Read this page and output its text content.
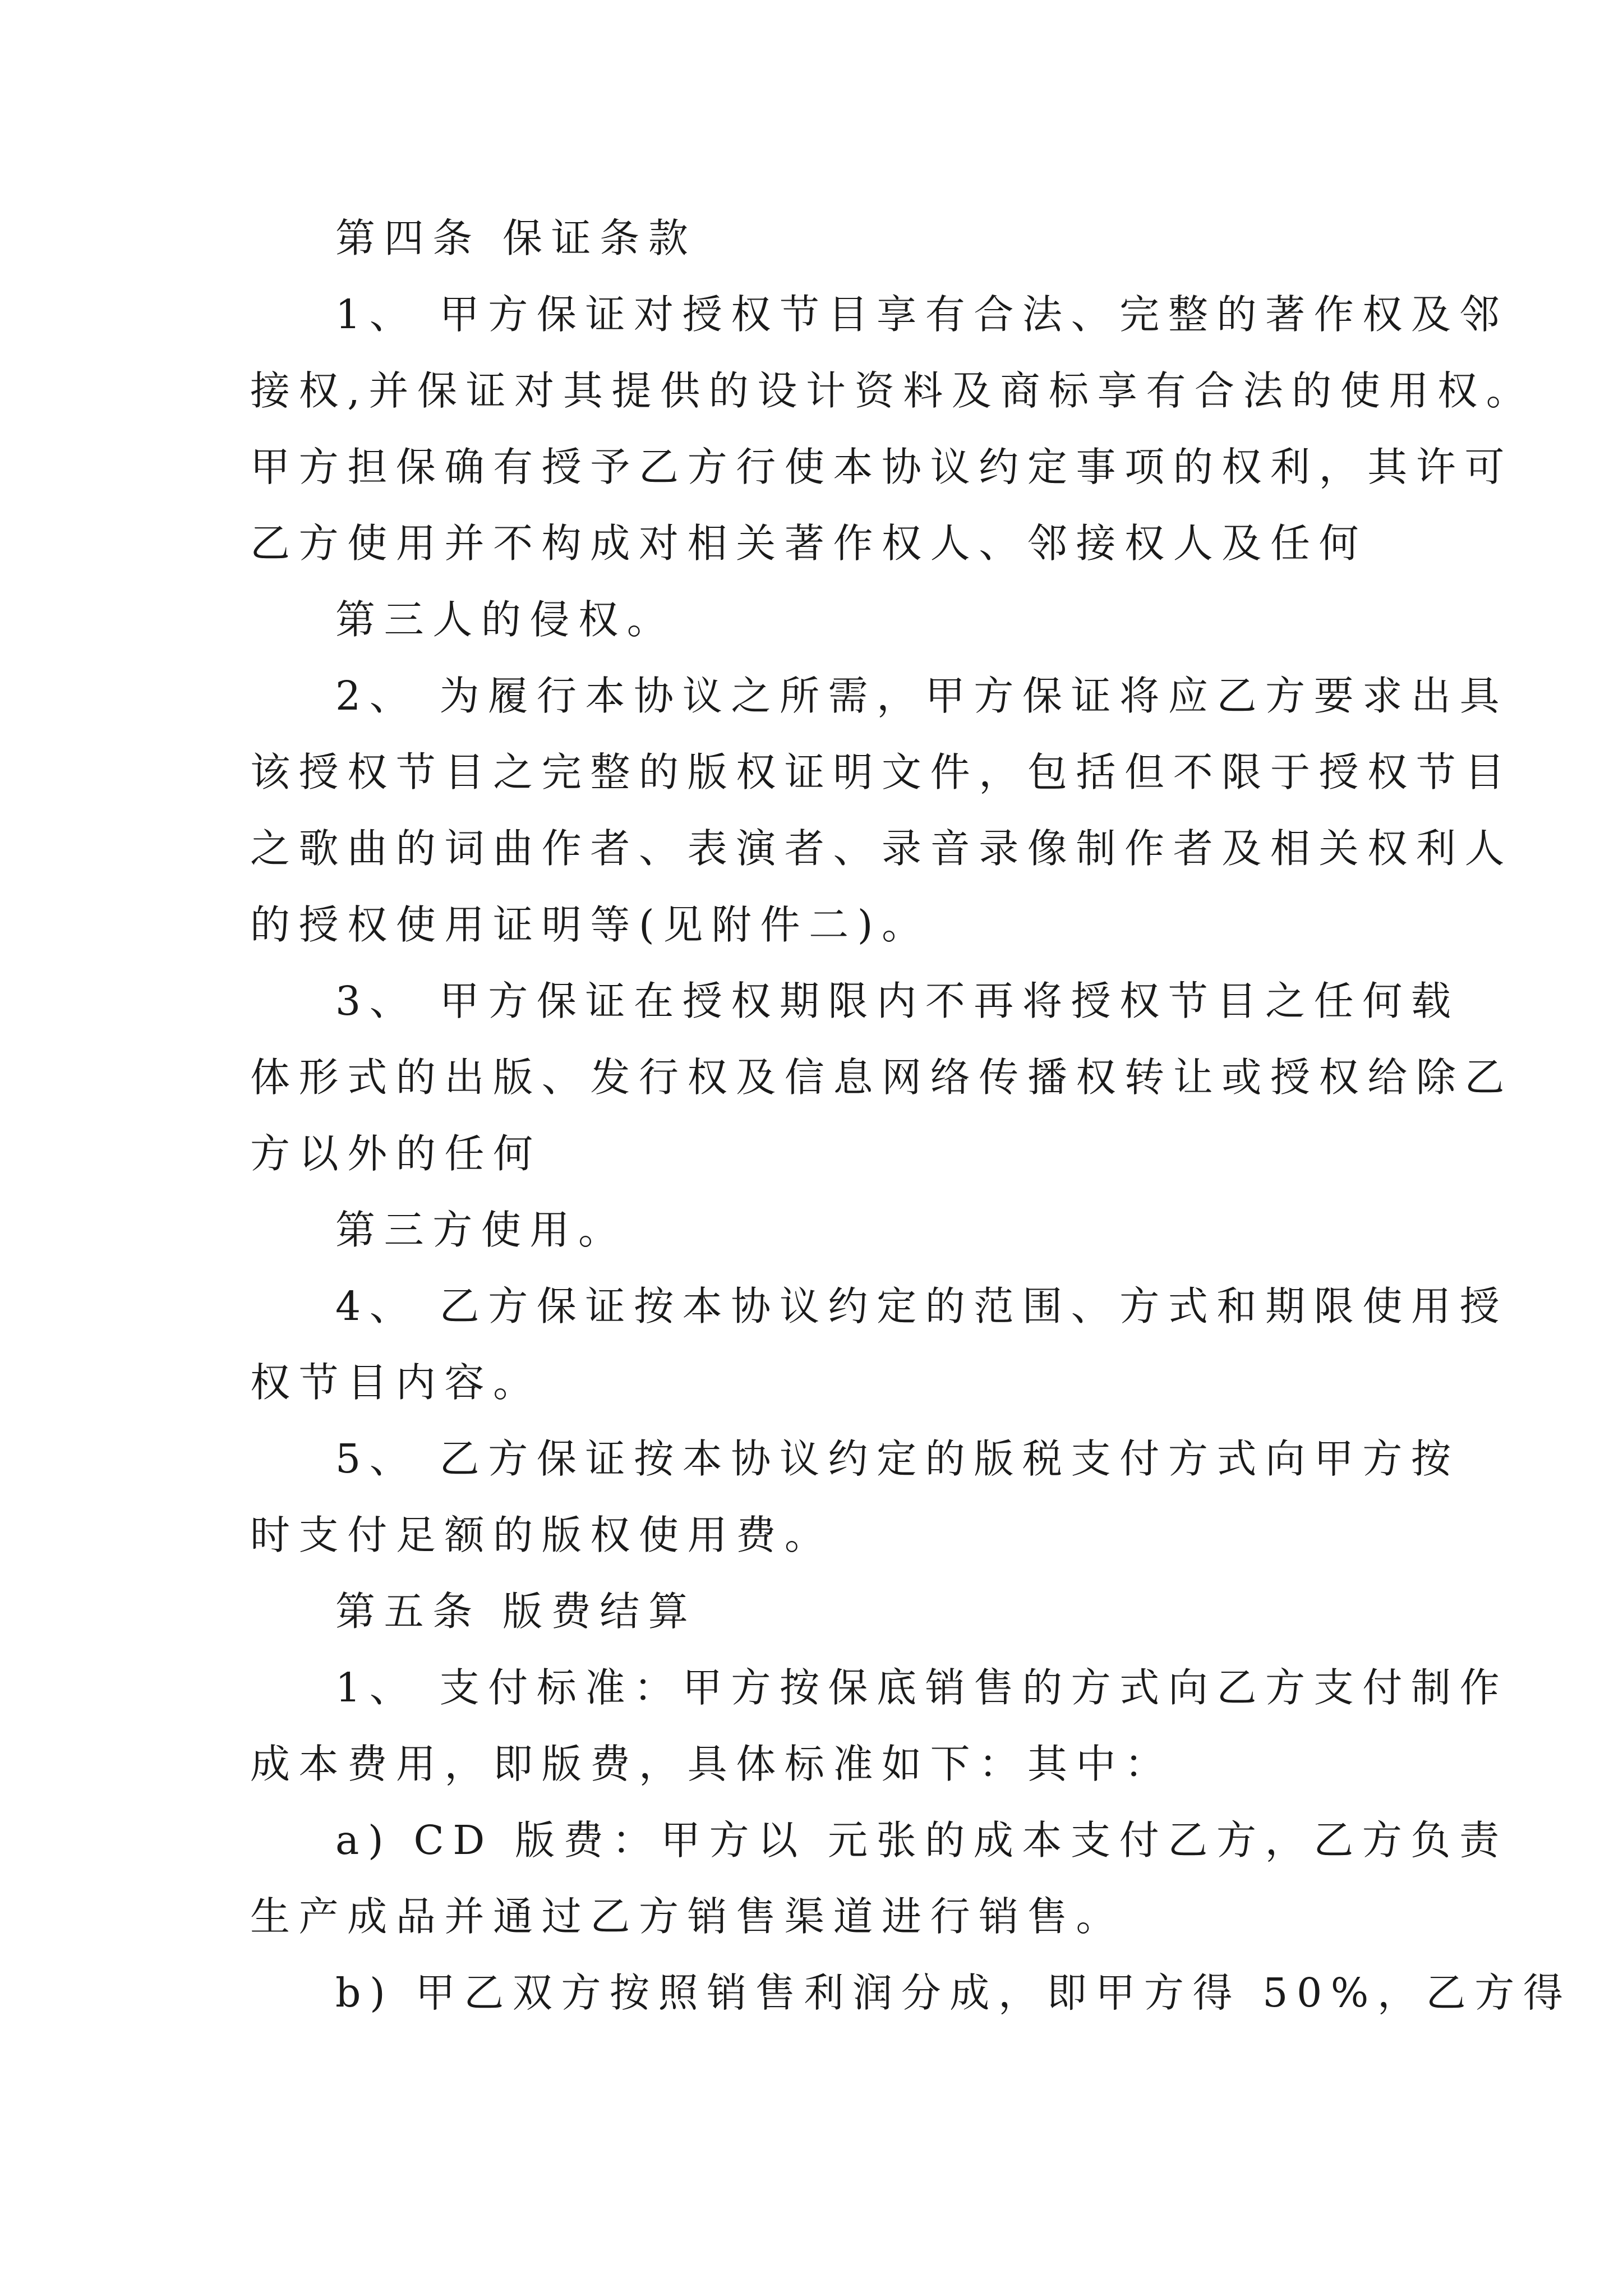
第四条 保证条款
1、 甲方保证对授权节目享有合法、完整的著作权及邻
接权,并保证对其提供的设计资料及商标享有合法的使用权。
甲方担保确有授予乙方行使本协议约定事项的权利，其许可
乙方使用并不构成对相关著作权人、邻接权人及任何
第三人的侵权。
2、 为履行本协议之所需，甲方保证将应乙方要求出具
该授权节目之完整的版权证明文件，包括但不限于授权节目
之歌曲的词曲作者、表演者、录音录像制作者及相关权利人
的授权使用证明等(见附件二)。
3、 甲方保证在授权期限内不再将授权节目之任何载
体形式的出版、发行权及信息网络传播权转让或授权给除乙
方以外的任何
第三方使用。
4、 乙方保证按本协议约定的范围、方式和期限使用授
权节目内容。
5、 乙方保证按本协议约定的版税支付方式向甲方按
时支付足额的版权使用费。
第五条 版费结算
1、 支付标准：甲方按保底销售的方式向乙方支付制作
成本费用，即版费，具体标准如下：其中：
a) CD 版费：甲方以 元张的成本支付乙方，乙方负责
生产成品并通过乙方销售渠道进行销售。
b) 甲乙双方按照销售利润分成，即甲方得 50%，乙方得
